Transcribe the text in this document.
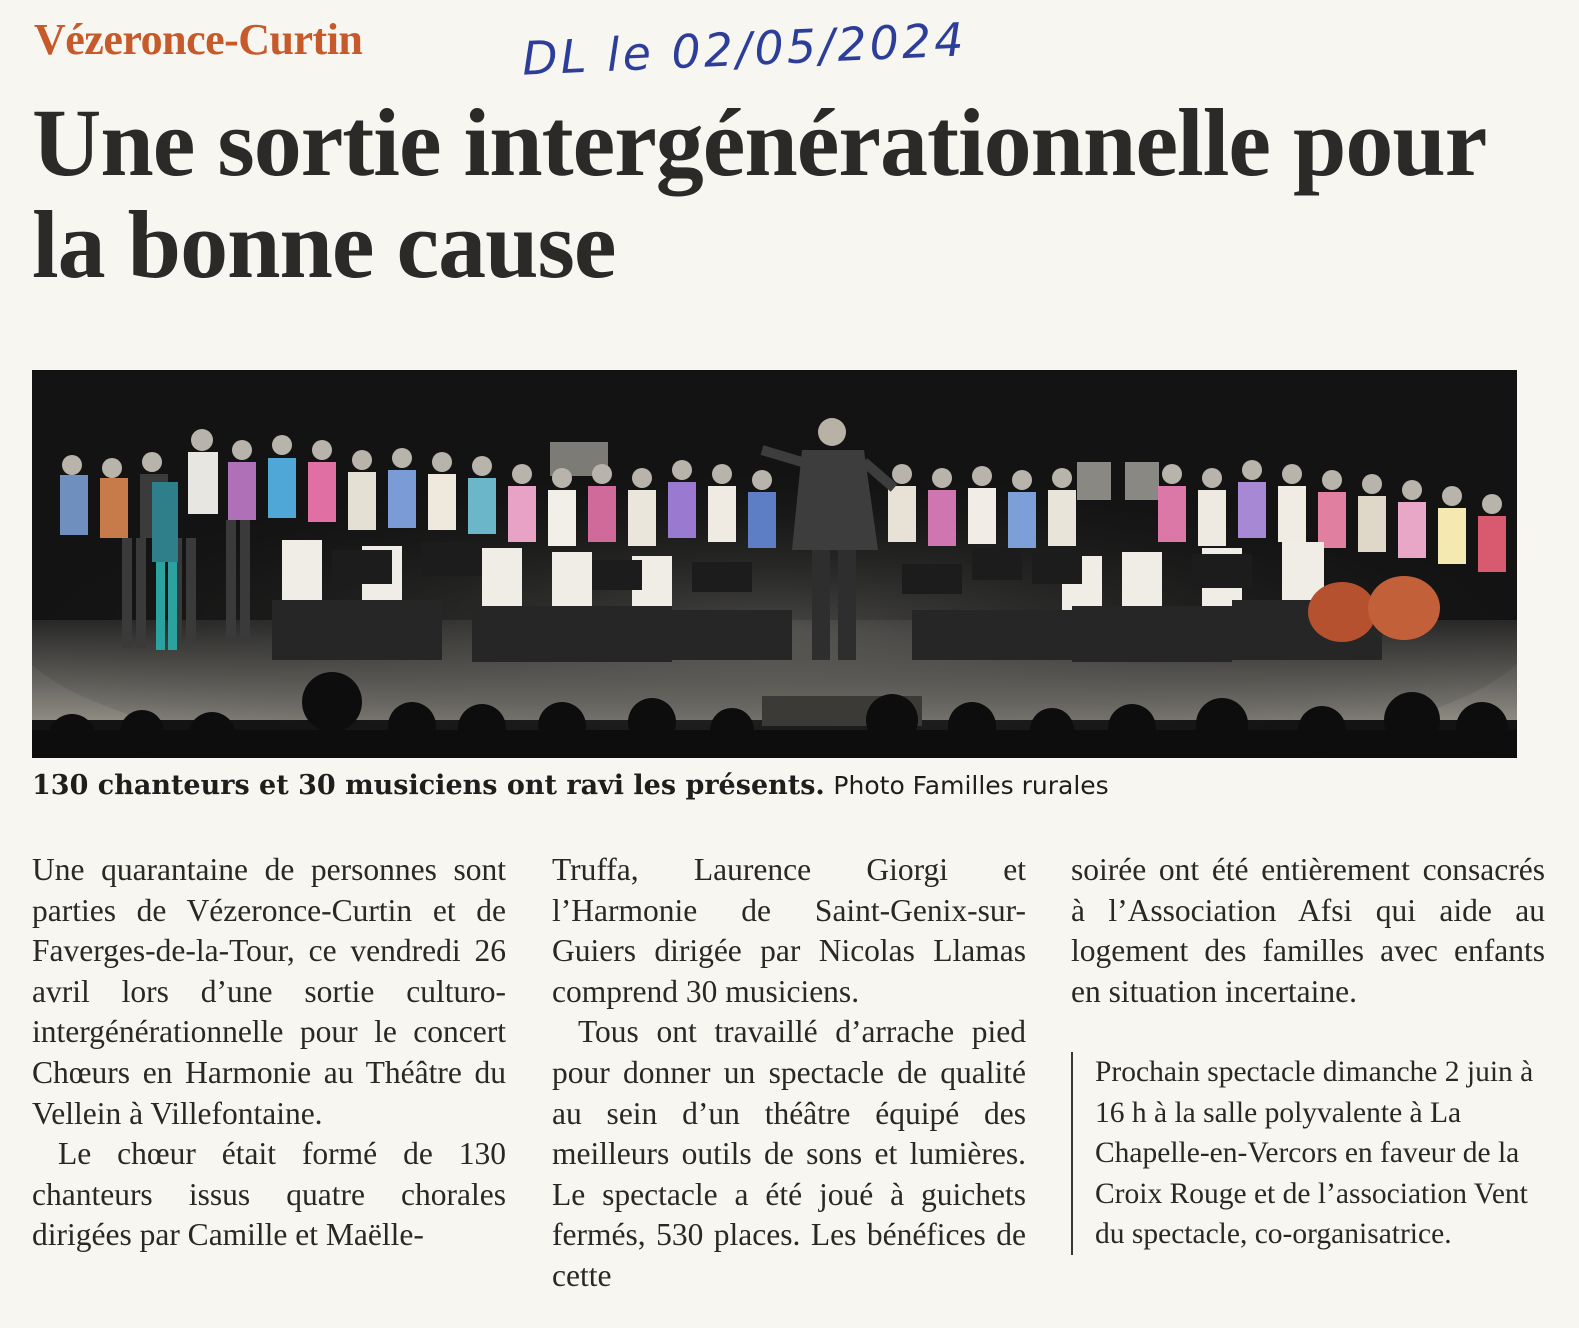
Vézeronce-Curtin	DL le 02/05/2024
Une sortie intergénérationnelle pour la bonne cause

130 chanteurs et 30 musiciens ont ravi les présents. Photo Familles rurales

Une quarantaine de personnes sont parties de Vézeronce-Curtin et de Faverges-de-la-Tour, ce vendredi 26 avril lors d’une sortie culturo-intergénérationnelle pour le concert Chœurs en Harmonie au Théâtre du Vellein à Villefontaine.

Le chœur était formé de 130 chanteurs issus quatre chorales dirigées par Camille et Maëlle-

Truffa, Laurence Giorgi et l’Harmonie de Saint-Genix-sur-Guiers dirigée par Nicolas Llamas comprend 30 musiciens.

Tous ont travaillé d’arrache pied pour donner un spectacle de qualité au sein d’un théâtre équipé des meilleurs outils de sons et lumières. Le spectacle a été joué à guichets fermés, 530 places. Les bénéfices de cette

soirée ont été entièrement consacrés à l’Association Afsi qui aide au logement des familles avec enfants en situation incertaine.

Prochain spectacle dimanche 2 juin à 16 h à la salle polyvalente à La Chapelle-en-Vercors en faveur de la Croix Rouge et de l’association Vent du spectacle, co-organisatrice.
